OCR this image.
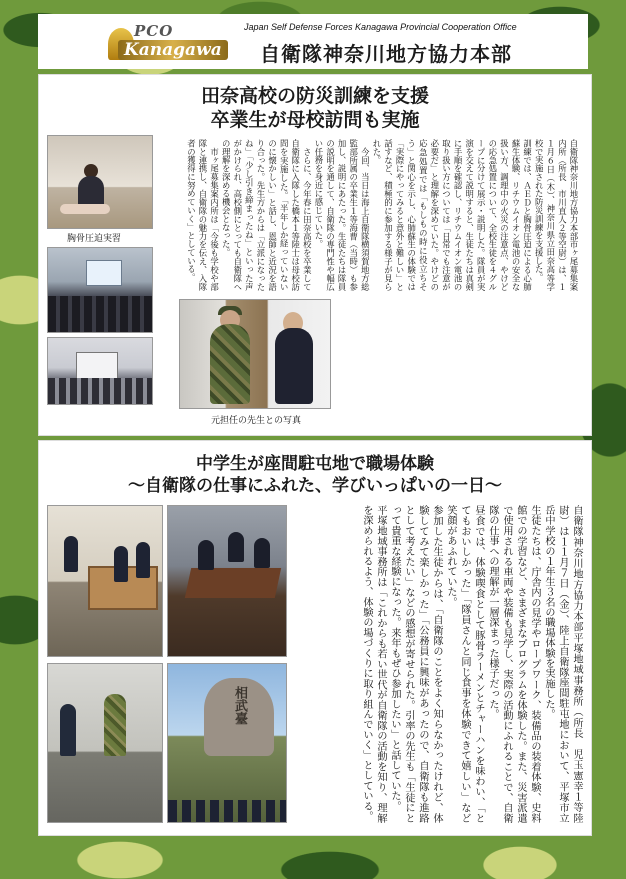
PCO
Kanagawa
Japan Self Defense Forces Kanagawa Provincial Cooperation Office
自衛隊神奈川地方協力本部
田奈高校の防災訓練を支援
卒業生が母校訪問も実施
胸骨圧迫実習
元担任の先生との写真
自衛隊神奈川地方協力本部市ヶ尾募集案内所（所長　市川直人２等空尉）は、１１月６日（木）、神奈川県立田奈高等学校で実施された防災訓練を支援した。
訓練では、ＡＥＤと胸骨圧迫による心肺蘇生体験、リチウムイオン電池の安全な扱い方、調理中の火災の注意点、やけどの応急処置について、全校生徒を４グループに分けて展示・説明した。隊員が実演を交えて説明すると、生徒たちは真剣に手順を確認し、リチウムイオン電池の取り扱い方については「日常でも注意が必要だ」と理解を深めていた。やけどの応急処置では「もしもの時に役立ちそう」と関心を示し、心肺蘇生の体験では「実際にやってみると意外と難しい」と話すなど、積極的に参加する様子が見られた。
　今回、当日は海上自衛隊横須賀地方総監部所属の卒業生１等海曹（当時）も参加し、説明にあたった。生徒たちは隊員の説明を通して、自衛隊の専門性や幅広い任務を身近に感じていた。
　さらに、今年春に田奈高校を卒業して自衛隊に入隊した橋本１等陸士は母校訪問を実施した。「半年しか経っていないのに懐かしい」と話し、恩師と近況を語り合った。先生方からは「立派になったね」「少し引き締まったね」といった声がかけられ、高校側にとっても自衛隊への理解を深める機会となった。
　市ヶ尾募集案内所は「今後も学校や部隊と連携し、自衛隊の魅力を伝え、入隊者の獲得に努めていく」としている。
中学生が座間駐屯地で職場体験
～自衛隊の仕事にふれた、学びいっぱいの一日～
相武臺	自衛隊神奈川地方協力本部平塚地域事務所（所長　児玉憲幸１等陸尉）は１１月７日（金）、陸上自衛隊座間駐屯地において、平塚市立岳中学校の１年生３名の職場体験を実施した。
生徒たちは、庁舎内の見学やロープワーク、装備品の装着体験、史料館での学習など、さまざまなプログラムを体験した。また、災害派遣で使用される車両や装備も見学し、実際の活動にふれることで、自衛隊の仕事への理解が一層深まった様子だった。
昼食では、体験喫食として豚骨ラーメンとチャーハンを味わい、「とてもおいしかった」「隊員さんと同じ食事を体験できて嬉しい」など笑顔があふれていた。
参加した生徒からは、「自衛隊のことをよく知らなかったけれど、体験してみて楽しかった」「公務員に興味があったので、自衛隊も進路として考えたい」などの感想が寄せられた。引率の先生も「生徒にとって貴重な経験になった。来年もぜひ参加したい」と話していた。
平塚地域事務所は「これからも若い世代が自衛隊の活動を知り、理解を深められるよう、体験の場づくりに取り組んでいく」としている。
